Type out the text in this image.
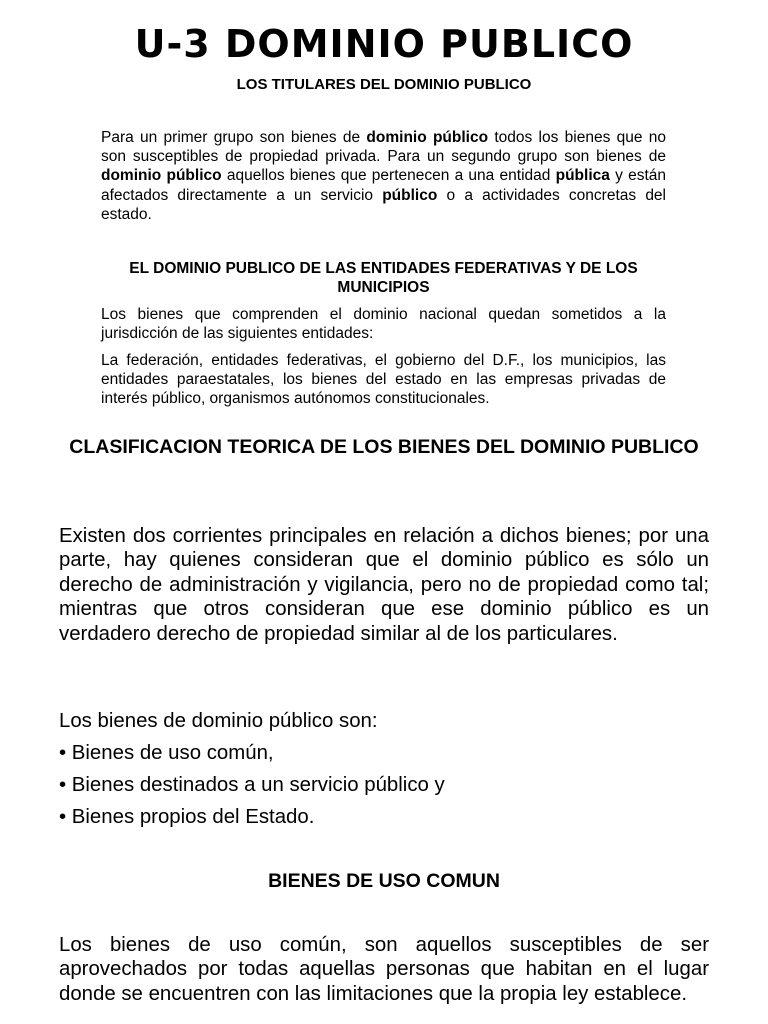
U-3 DOMINIO PUBLICO

LOS TITULARES DEL DOMINIO PUBLICO

Para un primer grupo son bienes de dominio público todos los bienes que no son susceptibles de propiedad privada. Para un segundo grupo son bienes de dominio público aquellos bienes que pertenecen a una entidad pública y están afectados directamente a un servicio público o a actividades concretas del estado.

EL DOMINIO PUBLICO DE LAS ENTIDADES FEDERATIVAS Y DE LOS MUNICIPIOS

Los bienes que comprenden el dominio nacional quedan sometidos a la jurisdicción de las siguientes entidades:

La federación, entidades federativas, el gobierno del D.F., los municipios, las entidades paraestatales, los bienes del estado en las empresas privadas de interés público, organismos autónomos constitucionales.

CLASIFICACION TEORICA DE LOS BIENES DEL DOMINIO PUBLICO

Existen dos corrientes principales en relación a dichos bienes; por una parte, hay quienes consideran que el dominio público es sólo un derecho de administración y vigilancia, pero no de propiedad como tal; mientras que otros consideran que ese dominio público es un verdadero derecho de propiedad similar al de los particulares.

Los bienes de dominio público son:

• Bienes de uso común,

• Bienes destinados a un servicio público y

• Bienes propios del Estado.

BIENES DE USO COMUN

Los bienes de uso común, son aquellos susceptibles de ser aprovechados por todas aquellas personas que habitan en el lugar donde se encuentren con las limitaciones que la propia ley establece.
